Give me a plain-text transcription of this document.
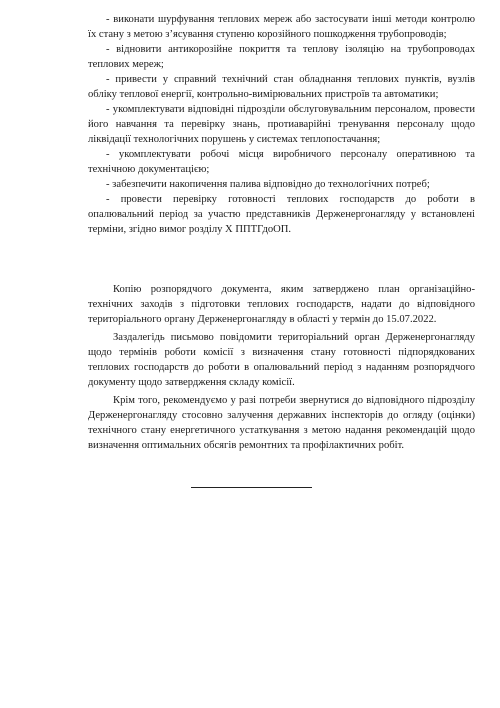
- виконати шурфування теплових мереж або застосувати інші методи контролю їх стану з метою з’ясування ступеню корозійного пошкодження трубопроводів;

- відновити антикорозійне покриття та теплову ізоляцію на трубопроводах теплових мереж;

- привести у справний технічний стан обладнання теплових пунктів, вузлів обліку теплової енергії, контрольно-вимірювальних пристроїв та автоматики;

- укомплектувати відповідні підрозділи обслуговувальним персоналом, провести його навчання та перевірку знань, протиаварійні тренування персоналу щодо ліквідації технологічних порушень у системах теплопостачання;

- укомплектувати робочі місця виробничого персоналу оперативною та технічною документацією;

- забезпечити накопичення палива відповідно до технологічних потреб;

- провести перевірку готовності теплових господарств до роботи в опалювальний період за участю представників Держенергонагляду у встановлені терміни, згідно вимог розділу X ППТГдоОП.

Копію розпорядчого документа, яким затверджено план організаційно-технічних заходів з підготовки теплових господарств, надати до відповідного територіального органу Держенергонагляду в області у термін до 15.07.2022.

Заздалегідь письмово повідомити територіальний орган Держенергонагляду щодо термінів роботи комісії з визначення стану готовності підпорядкованих теплових господарств до роботи в опалювальний період з наданням розпорядчого документу щодо затвердження складу комісії.

Крім того, рекомендуємо у разі потреби звернутися до відповідного підрозділу Держенергонагляду стосовно залучення державних інспекторів до огляду (оцінки) технічного стану енергетичного устаткування з метою надання рекомендацій щодо визначення оптимальних обсягів ремонтних та профілактичних робіт.
